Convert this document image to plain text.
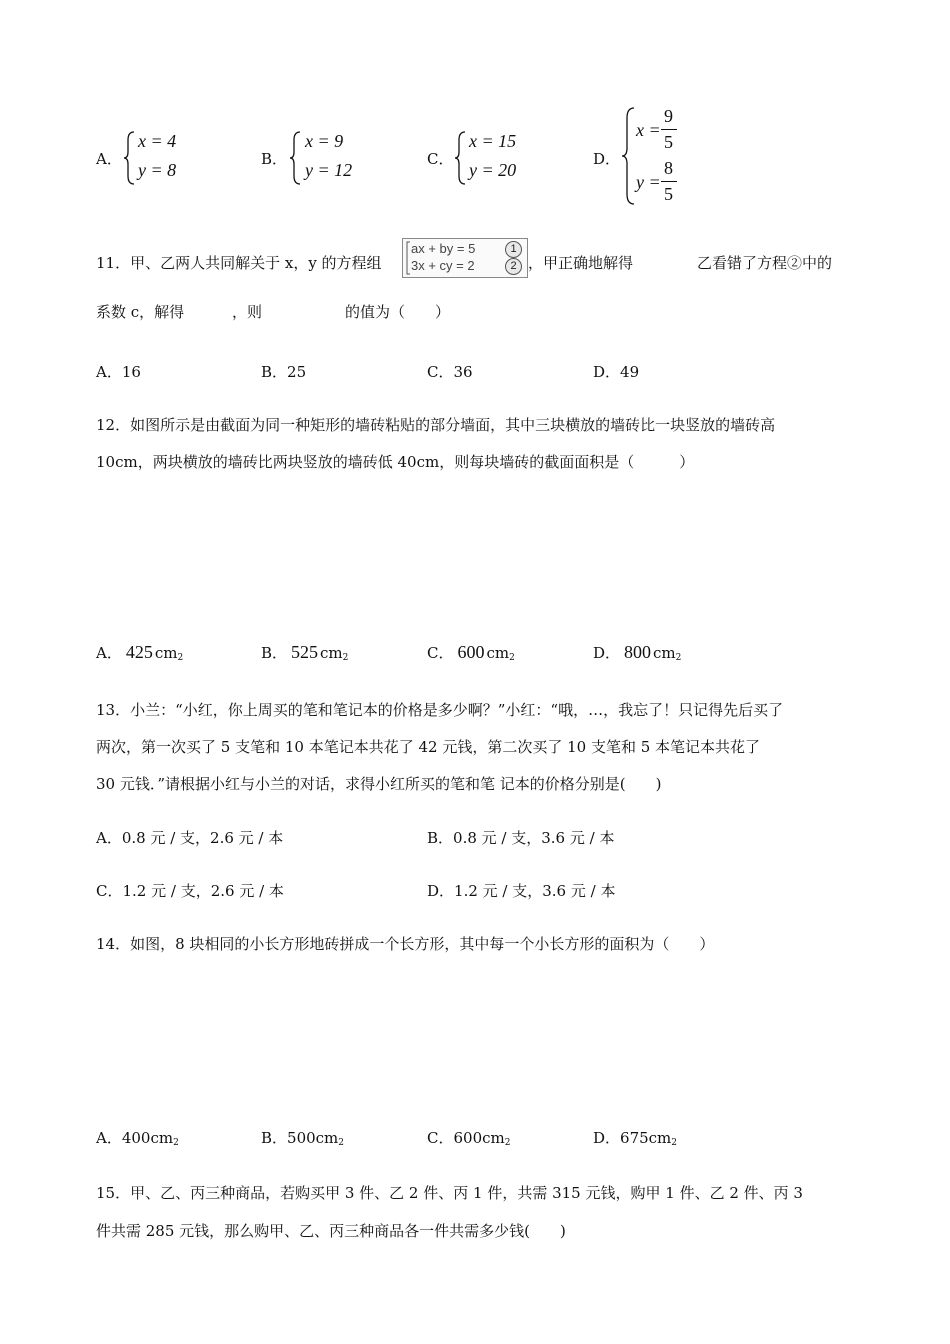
A．
x = 4
y = 8
B．
x = 9
y = 12
C．
x = 15
y = 20
D．
x =
9
5
y =
8
5
11．甲、乙两人共同解关于 x，y 的方程组
ax + by = 5
3x + cy = 2
1
2 ，甲正确地解得	乙看错了方程②中的
系数 c，解得	，则	的值为（　　）
A．16	B．25	C．36	D．49
12．如图所示是由截面为同一种矩形的墙砖粘贴的部分墙面，其中三块横放的墙砖比一块竖放的墙砖高
10cm，两块横放的墙砖比两块竖放的墙砖低 40cm，则每块墙砖的截面面积是（　　　）
A． 425 $cm_2$	B． 525 $cm_2$	C． 600 $cm_2$	D． 800 $cm_2$
13．小兰：“小红，你上周买的笔和笔记本的价格是多少啊？”小红：“哦，…，我忘了！只记得先后买了
两次，第一次买了 5 支笔和 10 本笔记本共花了 42 元钱，第二次买了 10 支笔和 5 本笔记本共花了
30 元钱．”请根据小红与小兰的对话，求得小红所买的笔和笔 记本的价格分别是(　　)
A．0.8 元 / 支，2.6 元 / 本	B．0.8 元 / 支，3.6 元 / 本
C．1.2 元 / 支，2.6 元 / 本	D．1.2 元 / 支，3.6 元 / 本
14．如图，8 块相同的小长方形地砖拼成一个长方形，其中每一个小长方形的面积为（　　）
A．$400cm_2$	B．$500cm_2$	C．$600cm_2$	D．$675cm_2$
15．甲、乙、丙三种商品，若购买甲 3 件、乙 2 件、丙 1 件，共需 315 元钱，购甲 1 件、乙 2 件、丙 3
件共需 285 元钱，那么购甲、乙、丙三种商品各一件共需多少钱(　　)
